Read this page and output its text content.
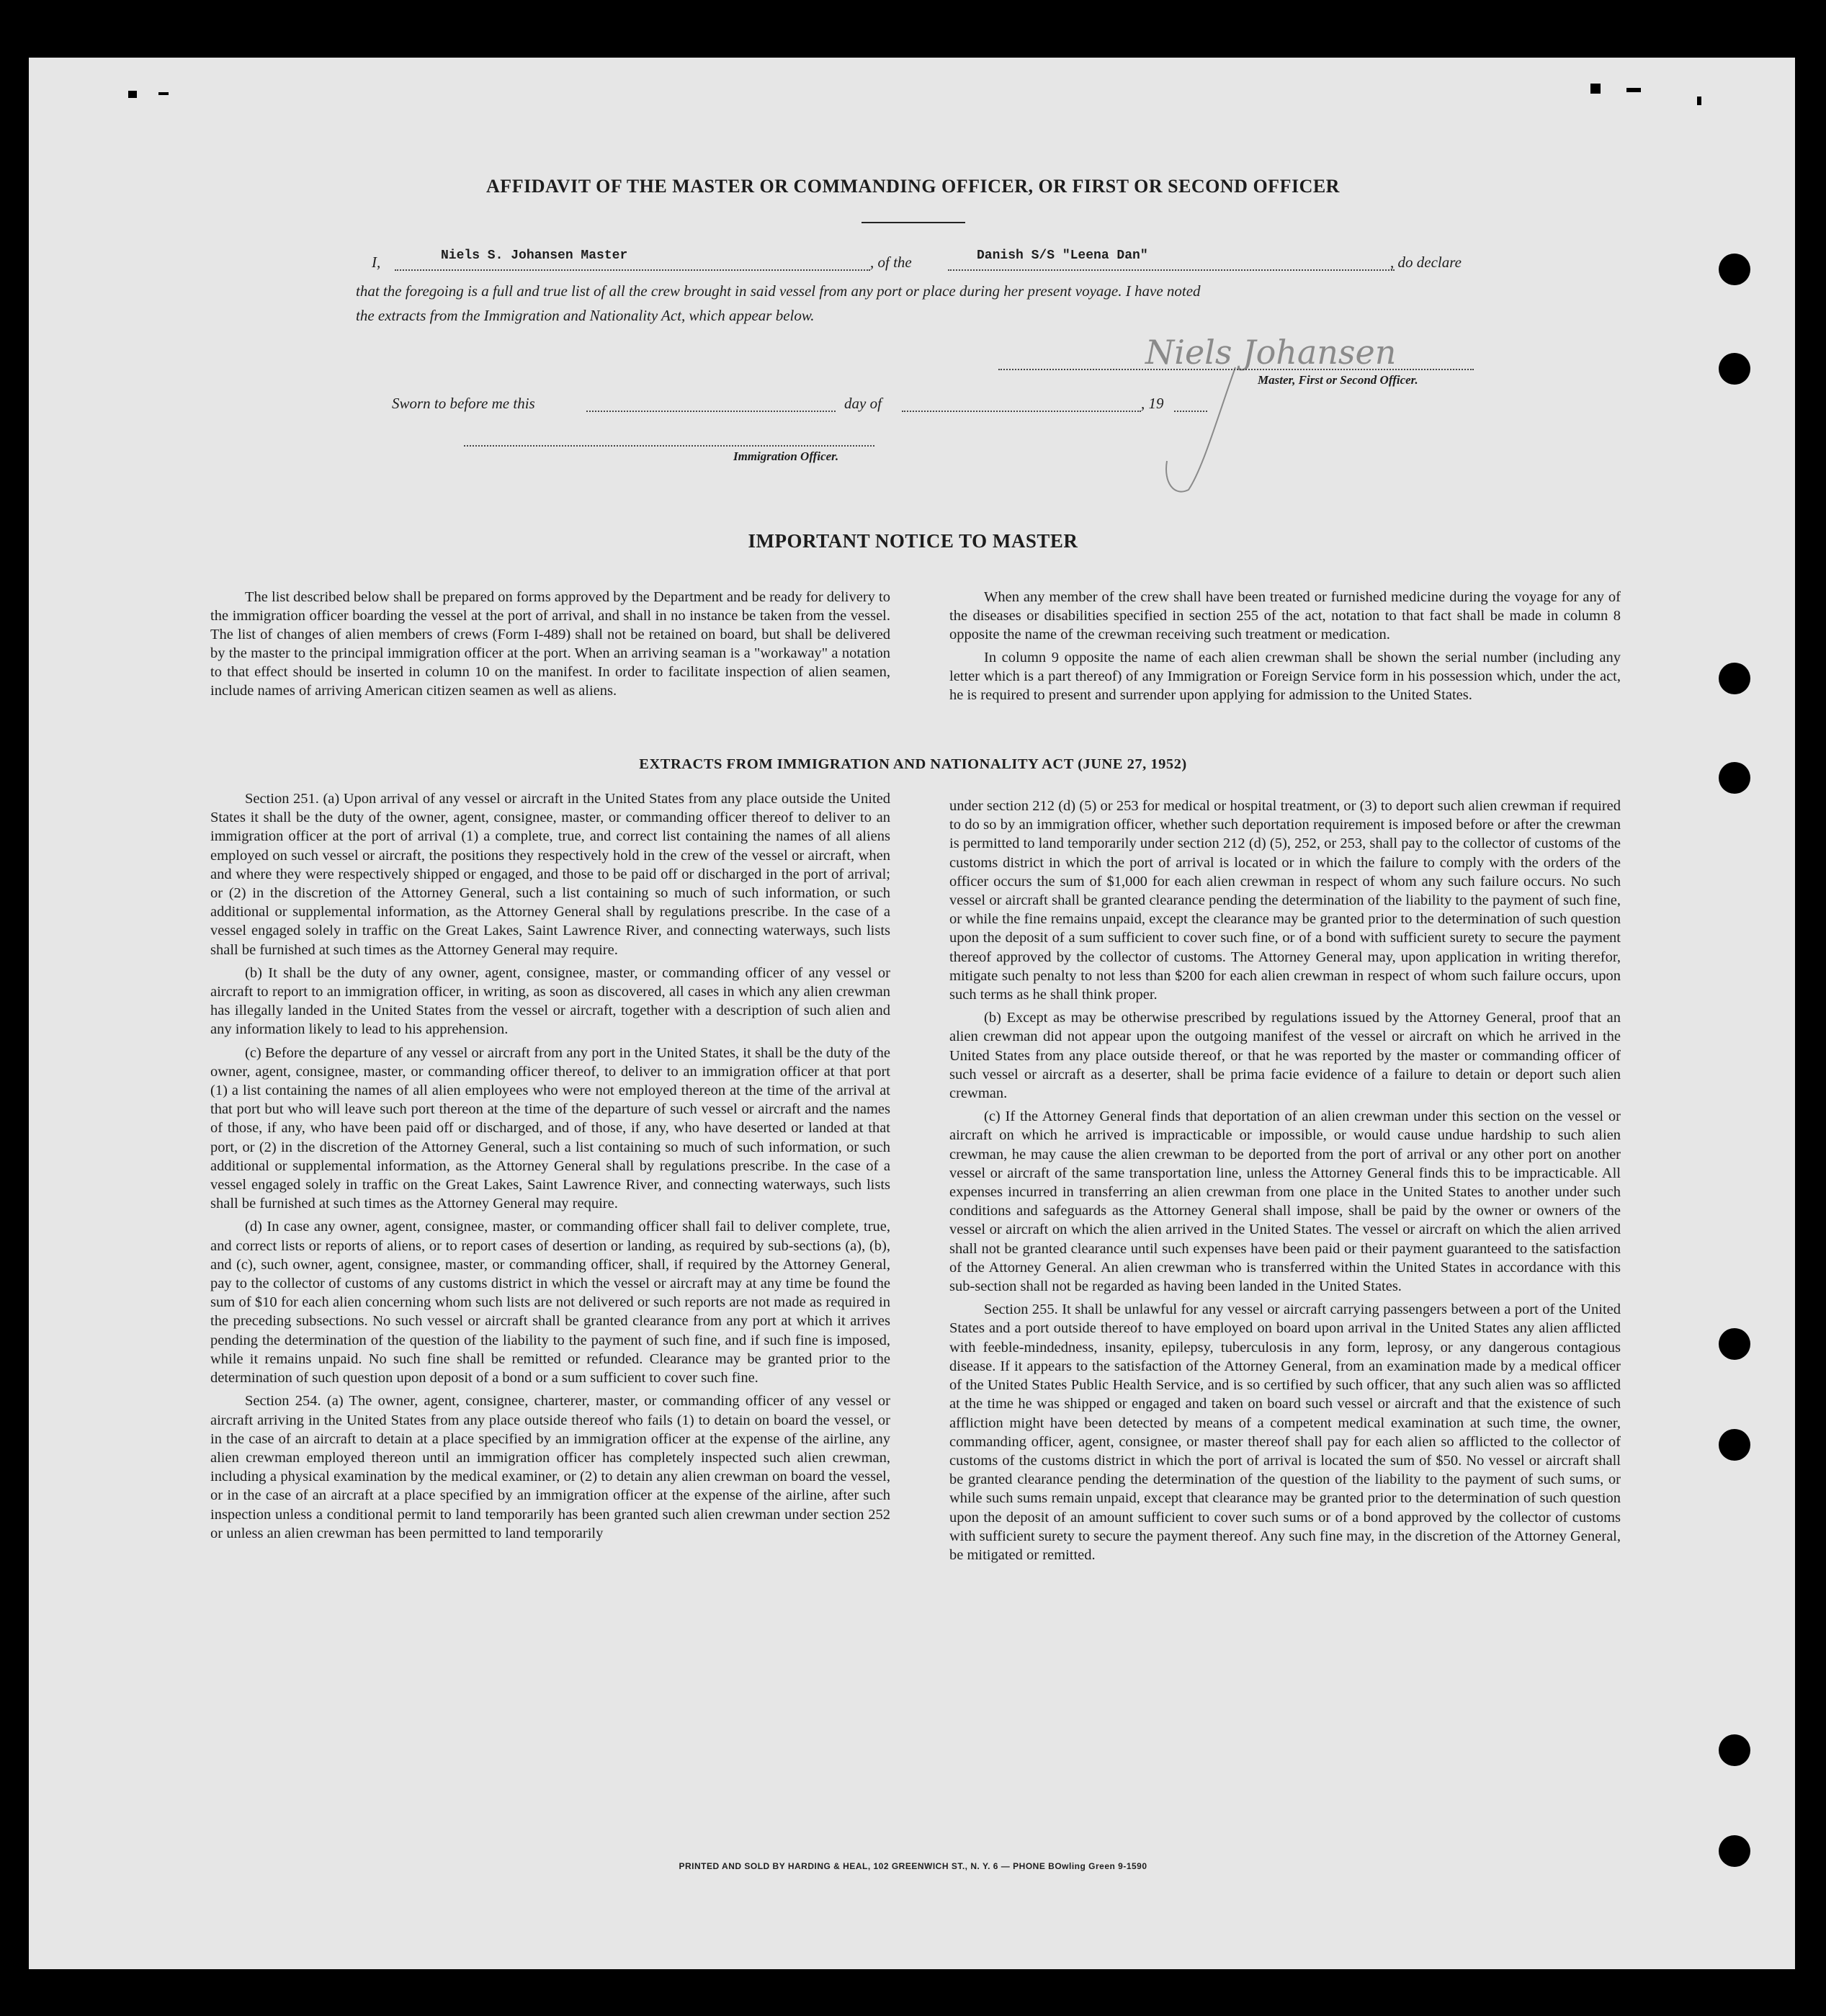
AFFIDAVIT OF THE MASTER OR COMMANDING OFFICER, OR FIRST OR SECOND OFFICER
I,	Niels S. Johansen Master	, of the	Danish S/S "Leena Dan"	, do declare
that the foregoing is a full and true list of all the crew brought in said vessel from any port or place during her present voyage. I have noted
the extracts from the Immigration and Nationality Act, which appear below.
Niels Johansen
Master, First or Second Officer.
Sworn to before me this	day of	, 19
Immigration Officer.
IMPORTANT NOTICE TO MASTER

The list described below shall be prepared on forms approved by the Department and be ready for delivery to the immigration officer boarding the vessel at the port of arrival, and shall in no instance be taken from the vessel. The list of changes of alien members of crews (Form I-489) shall not be retained on board, but shall be delivered by the master to the principal immigration officer at the port. When an arriving seaman is a "workaway" a notation to that effect should be inserted in column 10 on the manifest. In order to facilitate inspection of alien seamen, include names of arriving American citizen seamen as well as aliens.

When any member of the crew shall have been treated or furnished medicine during the voyage for any of the diseases or disabilities specified in section 255 of the act, notation to that fact shall be made in column 8 opposite the name of the crewman receiving such treatment or medication.

In column 9 opposite the name of each alien crewman shall be shown the serial number (including any letter which is a part thereof) of any Immigration or Foreign Service form in his possession which, under the act, he is required to present and surrender upon applying for admission to the United States.

EXTRACTS FROM IMMIGRATION AND NATIONALITY ACT (JUNE 27, 1952)

Section 251. (a) Upon arrival of any vessel or aircraft in the United States from any place outside the United States it shall be the duty of the owner, agent, consignee, master, or commanding officer thereof to deliver to an immigration officer at the port of arrival (1) a complete, true, and correct list containing the names of all aliens employed on such vessel or aircraft, the positions they respectively hold in the crew of the vessel or aircraft, when and where they were respectively shipped or engaged, and those to be paid off or discharged in the port of arrival; or (2) in the discretion of the Attorney General, such a list containing so much of such information, or such additional or supplemental information, as the Attorney General shall by regulations prescribe. In the case of a vessel engaged solely in traffic on the Great Lakes, Saint Lawrence River, and connecting waterways, such lists shall be furnished at such times as the Attorney General may require.

(b) It shall be the duty of any owner, agent, consignee, master, or commanding officer of any vessel or aircraft to report to an immigration officer, in writing, as soon as discovered, all cases in which any alien crewman has illegally landed in the United States from the vessel or aircraft, together with a description of such alien and any information likely to lead to his apprehension.

(c) Before the departure of any vessel or aircraft from any port in the United States, it shall be the duty of the owner, agent, consignee, master, or commanding officer thereof, to deliver to an immigration officer at that port (1) a list containing the names of all alien employees who were not employed thereon at the time of the arrival at that port but who will leave such port thereon at the time of the departure of such vessel or aircraft and the names of those, if any, who have been paid off or discharged, and of those, if any, who have deserted or landed at that port, or (2) in the discretion of the Attorney General, such a list containing so much of such information, or such additional or supplemental information, as the Attorney General shall by regulations prescribe. In the case of a vessel engaged solely in traffic on the Great Lakes, Saint Lawrence River, and connecting waterways, such lists shall be furnished at such times as the Attorney General may require.

(d) In case any owner, agent, consignee, master, or commanding officer shall fail to deliver complete, true, and correct lists or reports of aliens, or to report cases of desertion or landing, as required by sub-sections (a), (b), and (c), such owner, agent, consignee, master, or commanding officer, shall, if required by the Attorney General, pay to the collector of customs of any customs district in which the vessel or aircraft may at any time be found the sum of $10 for each alien concerning whom such lists are not delivered or such reports are not made as required in the preceding subsections. No such vessel or aircraft shall be granted clearance from any port at which it arrives pending the determination of the question of the liability to the payment of such fine, and if such fine is imposed, while it remains unpaid. No such fine shall be remitted or refunded. Clearance may be granted prior to the determination of such question upon deposit of a bond or a sum sufficient to cover such fine.

Section 254. (a) The owner, agent, consignee, charterer, master, or commanding officer of any vessel or aircraft arriving in the United States from any place outside thereof who fails (1) to detain on board the vessel, or in the case of an aircraft to detain at a place specified by an immigration officer at the expense of the airline, any alien crewman employed thereon until an immigration officer has completely inspected such alien crewman, including a physical examination by the medical examiner, or (2) to detain any alien crewman on board the vessel, or in the case of an aircraft at a place specified by an immigration officer at the expense of the airline, after such inspection unless a conditional permit to land temporarily has been granted such alien crewman under section 252 or unless an alien crewman has been permitted to land temporarily

under section 212 (d) (5) or 253 for medical or hospital treatment, or (3) to deport such alien crewman if required to do so by an immigration officer, whether such deportation requirement is imposed before or after the crewman is permitted to land temporarily under section 212 (d) (5), 252, or 253, shall pay to the collector of customs of the customs district in which the port of arrival is located or in which the failure to comply with the orders of the officer occurs the sum of $1,000 for each alien crewman in respect of whom any such failure occurs. No such vessel or aircraft shall be granted clearance pending the determination of the liability to the payment of such fine, or while the fine remains unpaid, except the clearance may be granted prior to the determination of such question upon the deposit of a sum sufficient to cover such fine, or of a bond with sufficient surety to secure the payment thereof approved by the collector of customs. The Attorney General may, upon application in writing therefor, mitigate such penalty to not less than $200 for each alien crewman in respect of whom such failure occurs, upon such terms as he shall think proper.

(b) Except as may be otherwise prescribed by regulations issued by the Attorney General, proof that an alien crewman did not appear upon the outgoing manifest of the vessel or aircraft on which he arrived in the United States from any place outside thereof, or that he was reported by the master or commanding officer of such vessel or aircraft as a deserter, shall be prima facie evidence of a failure to detain or deport such alien crewman.

(c) If the Attorney General finds that deportation of an alien crewman under this section on the vessel or aircraft on which he arrived is impracticable or impossible, or would cause undue hardship to such alien crewman, he may cause the alien crewman to be deported from the port of arrival or any other port on another vessel or aircraft of the same transportation line, unless the Attorney General finds this to be impracticable. All expenses incurred in transferring an alien crewman from one place in the United States to another under such conditions and safeguards as the Attorney General shall impose, shall be paid by the owner or owners of the vessel or aircraft on which the alien arrived in the United States. The vessel or aircraft on which the alien arrived shall not be granted clearance until such expenses have been paid or their payment guaranteed to the satisfaction of the Attorney General. An alien crewman who is transferred within the United States in accordance with this sub-section shall not be regarded as having been landed in the United States.

Section 255. It shall be unlawful for any vessel or aircraft carrying passengers between a port of the United States and a port outside thereof to have employed on board upon arrival in the United States any alien afflicted with feeble-mindedness, insanity, epilepsy, tuberculosis in any form, leprosy, or any dangerous contagious disease. If it appears to the satisfaction of the Attorney General, from an examination made by a medical officer of the United States Public Health Service, and is so certified by such officer, that any such alien was so afflicted at the time he was shipped or engaged and taken on board such vessel or aircraft and that the existence of such affliction might have been detected by means of a competent medical examination at such time, the owner, commanding officer, agent, consignee, or master thereof shall pay for each alien so afflicted to the collector of customs of the customs district in which the port of arrival is located the sum of $50. No vessel or aircraft shall be granted clearance pending the determination of the question of the liability to the payment of such sums, or while such sums remain unpaid, except that clearance may be granted prior to the determination of such question upon the deposit of an amount sufficient to cover such sums or of a bond approved by the collector of customs with sufficient surety to secure the payment thereof. Any such fine may, in the discretion of the Attorney General, be mitigated or remitted.

PRINTED AND SOLD BY HARDING & HEAL, 102 GREENWICH ST., N. Y. 6 — PHONE BOwling Green 9-1590
